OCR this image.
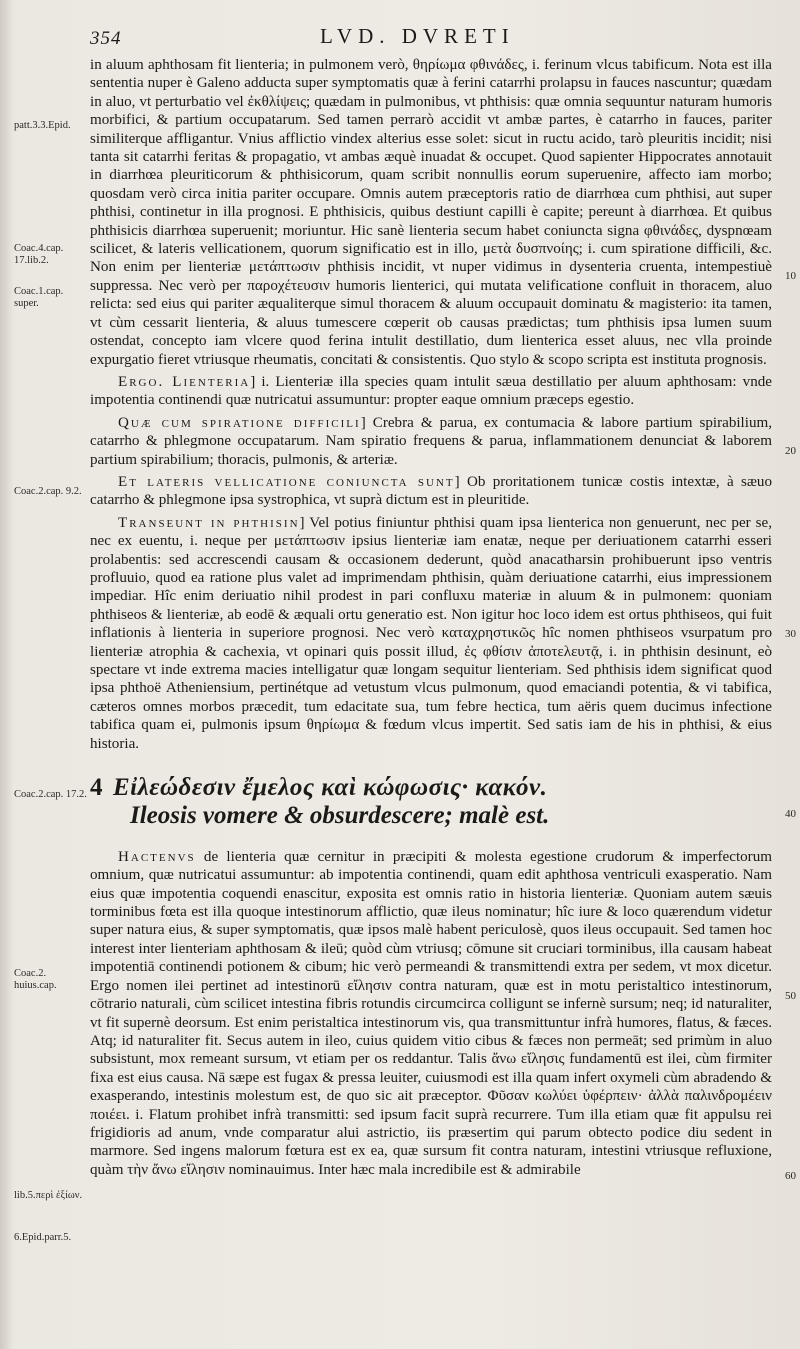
354	LVD. DVRETI
patt.3.3.Epid.
Coac.4.cap. 17.lib.2.
Coac.1.cap. super.
Coac.2.cap. 9.2.
Coac.2.cap. 17.2.
Coac.2. huius.cap.
lib.5.περὶ ἐξίων.
6.Epid.parr.5.
10
20
30
40
50
60

in aluum aphthosam fit lienteria; in pulmonem verò, θηρίωμα φθινάδες, i. ferinum vlcus tabificum. Nota est illa sententia nuper è Galeno adducta super symptomatis quæ à ferini catarrhi prolapsu in fauces nascuntur; quædam in aluo, vt perturbatio vel ἐκθλίψεις; quædam in pulmonibus, vt phthisis: quæ omnia sequuntur naturam humoris morbifici, & partium occupatarum. Sed tamen perrarò accidit vt ambæ partes, è catarrho in fauces, pariter similiterque affligantur. Vnius afflictio vindex alterius esse solet: sicut in ructu acido, tarò pleuritis incidit; nisi tanta sit catarrhi feritas & propagatio, vt ambas æquè inuadat & occupet. Quod sapienter Hippocrates annotauit in diarrhœa pleuriticorum & phthisicorum, quam scribit nonnullis eorum superuenire, affecto iam morbo; quosdam verò circa initia pariter occupare. Omnis autem præceptoris ratio de diarrhœa cum phthisi, aut super phthisi, continetur in illa prognosi. E phthisicis, quibus destiunt capilli è capite; pereunt à diarrhœa. Et quibus phthisicis diarrhœa superuenit; moriuntur. Hic sanè lienteria secum habet coniuncta signa φθινάδες, dyspnœam scilicet, & lateris vellicationem, quorum significatio est in illo, μετὰ δυσπνοίης; i. cum spiratione difficili, &c. Non enim per lienteriæ μετάπτωσιν phthisis incidit, vt nuper vidimus in dysenteria cruenta, intempestiuè suppressa. Nec verò per παροχέτευσιν humoris lienterici, qui mutata velificatione confluit in thoracem, aluo relicta: sed eius qui pariter æqualiterque simul thoracem & aluum occupauit dominatu & magisterio: ita tamen, vt cùm cessarit lienteria, & aluus tumescere cœperit ob causas prædictas; tum phthisis ipsa lumen suum ostendat, concepto iam vlcere quod ferina intulit destillatio, dum lienterica esset aluus, nec vlla proinde expurgatio fieret vtriusque rheumatis, concitati & consistentis. Quo stylo & scopo scripta est instituta prognosis.

Ergo. Lienteria] i. Lienteriæ illa species quam intulit sæua destillatio per aluum aphthosam: vnde impotentia continendi quæ nutricatui assumuntur: propter eaque omnium præceps egestio.

Quæ cum spiratione difficili] Crebra & parua, ex contumacia & labore partium spirabilium, catarrho & phlegmone occupatarum. Nam spiratio frequens & parua, inflammationem denunciat & laborem partium spirabilium; thoracis, pulmonis, & arteriæ.

Et lateris vellicatione coniuncta sunt] Ob proritationem tunicæ costis intextæ, à sæuo catarrho & phlegmone ipsa systrophica, vt suprà dictum est in pleuritide.

Transeunt in phthisin] Vel potius finiuntur phthisi quam ipsa lienterica non genuerunt, nec per se, nec ex euentu, i. neque per μετάπτωσιν ipsius lienteriæ iam enatæ, neque per deriuationem catarrhi esseri prolabentis: sed accrescendi causam & occasionem dederunt, quòd anacatharsin prohibuerunt ipso ventris profluuio, quod ea ratione plus valet ad imprimendam phthisin, quàm deriuatione catarrhi, eius impressionem impediar. Hîc enim deriuatio nihil prodest in pari confluxu materiæ in aluum & in pulmonem: quoniam phthiseos & lienteriæ, ab eodē & æquali ortu generatio est. Non igitur hoc loco idem est ortus phthiseos, qui fuit inflationis à lienteria in superiore prognosi. Nec verò καταχρηστικῶς hîc nomen phthiseos vsurpatum pro lienteriæ atrophia & cachexia, vt opinari quis possit illud, ἐς φθίσιν ἀποτελευτᾷ, i. in phthisin desinunt, eò spectare vt inde extrema macies intelligatur quæ longam sequitur lienteriam. Sed phthisis idem significat quod ipsa phthoë Atheniensium, pertinétque ad vetustum vlcus pulmonum, quod emaciandi potentia, & vi tabifica, cæteros omnes morbos præcedit, tum edacitate sua, tum febre hectica, tum aëris quem ducimus infectione tabifica quam ei, pulmonis ipsum θηρίωμα & fœdum vlcus impertit. Sed satis iam de his in phthisi, & eius historia.

4 Εἰλεώδεσιν ἔμελος καὶ κώφωσις· κακόν.
Ileosis vomere & obsurdescere; malè est.

Hactenvs de lienteria quæ cernitur in præcipiti & molesta egestione crudorum & imperfectorum omnium, quæ nutricatui assumuntur: ab impotentia continendi, quam edit aphthosa ventriculi exasperatio. Nam eius quæ impotentia coquendi enascitur, exposita est omnis ratio in historia lienteriæ. Quoniam autem sæuis torminibus fœta est illa quoque intestinorum afflictio, quæ ileus nominatur; hîc iure & loco quærendum videtur super natura eius, & super symptomatis, quæ ipsos malè habent periculosè, quos ileus occupauit. Sed tamen hoc interest inter lienteriam aphthosam & ileū; quòd cùm vtriusq; cōmune sit cruciari torminibus, illa causam habeat impotentiā continendi potionem & cibum; hic verò permeandi & transmittendi extra per sedem, vt mox dicetur. Ergo nomen ilei pertinet ad intestinorū εἴλησιν contra naturam, quæ est in motu peristaltico intestinorum, cōtrario naturali, cùm scilicet intestina fibris rotundis circumcirca colligunt se infernè sursum; neq; id naturaliter, vt fit supernè deorsum. Est enim peristaltica intestinorum vis, qua transmittuntur infrà humores, flatus, & fæces. Atq; id naturaliter fit. Secus autem in ileo, cuius quidem vitio cibus & fæces non permeāt; sed primùm in aluo subsistunt, mox remeant sursum, vt etiam per os reddantur. Talis ἄνω εἴλησις fundamentū est ilei, cùm firmiter fixa est eius causa. Nā sæpe est fugax & pressa leuiter, cuiusmodi est illa quam infert oxymeli cùm abradendo & exasperando, intestinis molestum est, de quo sic ait præceptor. Φῦσαν κωλύει ὑφέρπειν· ἀλλὰ παλινδρομέειν ποιέει. i. Flatum prohibet infrà transmitti: sed ipsum facit suprà recurrere. Tum illa etiam quæ fit appulsu rei frigidioris ad anum, vnde comparatur alui astrictio, iis præsertim qui parum obtecto podice diu sedent in marmore. Sed ingens malorum fœtura est ex ea, quæ sursum fit contra naturam, intestini vtriusque refluxione, quàm τὴν ἄνω εἴλησιν nominauimus. Inter hæc mala incredibile est & admirabile
